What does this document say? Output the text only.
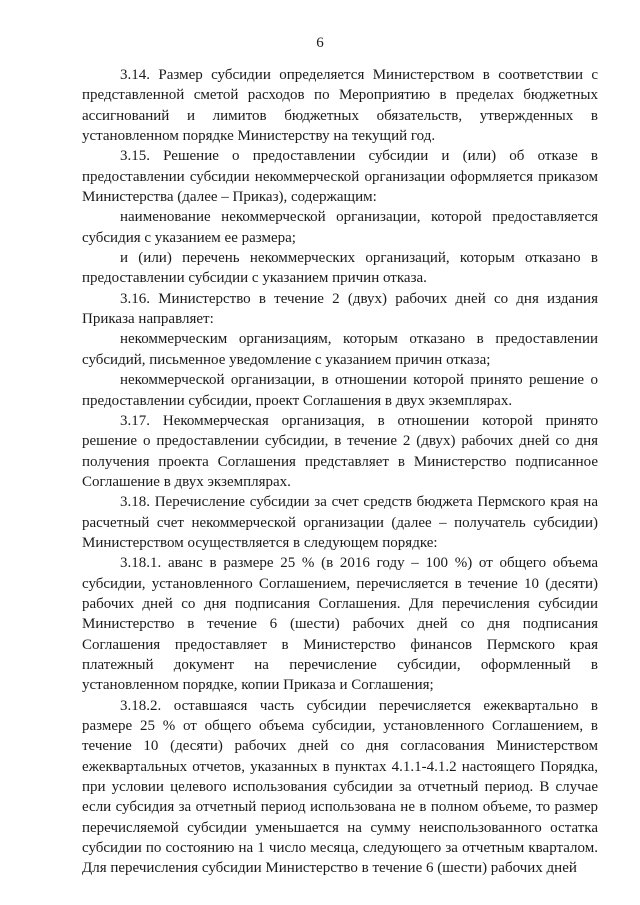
6

3.14. Размер субсидии определяется Министерством в соответствии с представленной сметой расходов по Мероприятию в пределах бюджетных ассигнований и лимитов бюджетных обязательств, утвержденных в установленном порядке Министерству на текущий год.

3.15. Решение о предоставлении субсидии и (или) об отказе в предоставлении субсидии некоммерческой организации оформляется приказом Министерства (далее – Приказ), содержащим:

наименование некоммерческой организации, которой предоставляется субсидия с указанием ее размера;

и (или) перечень некоммерческих организаций, которым отказано в предоставлении субсидии с указанием причин отказа.

3.16. Министерство в течение 2 (двух) рабочих дней со дня издания Приказа направляет:

некоммерческим организациям, которым отказано в предоставлении субсидий, письменное уведомление с указанием причин отказа;

некоммерческой организации, в отношении которой принято решение о предоставлении субсидии, проект Соглашения в двух экземплярах.

3.17. Некоммерческая организация, в отношении которой принято решение о предоставлении субсидии, в течение 2 (двух) рабочих дней со дня получения проекта Соглашения представляет в Министерство подписанное Соглашение в двух экземплярах.

3.18. Перечисление субсидии за счет средств бюджета Пермского края на расчетный счет некоммерческой организации (далее – получатель субсидии) Министерством осуществляется в следующем порядке:

3.18.1. аванс в размере 25 % (в 2016 году – 100 %) от общего объема субсидии, установленного Соглашением, перечисляется в течение 10 (десяти) рабочих дней со дня подписания Соглашения. Для перечисления субсидии Министерство в течение 6 (шести) рабочих дней со дня подписания Соглашения предоставляет в Министерство финансов Пермского края платежный документ на перечисление субсидии, оформленный в установленном порядке, копии Приказа и Соглашения;

3.18.2. оставшаяся часть субсидии перечисляется ежеквартально в размере 25 % от общего объема субсидии, установленного Соглашением, в течение 10 (десяти) рабочих дней со дня согласования Министерством ежеквартальных отчетов, указанных в пунктах 4.1.1-4.1.2 настоящего Порядка, при условии целевого использования субсидии за отчетный период. В случае если субсидия за отчетный период использована не в полном объеме, то размер перечисляемой субсидии уменьшается на сумму неиспользованного остатка субсидии по состоянию на 1 число месяца, следующего за отчетным кварталом. Для перечисления субсидии Министерство в течение 6 (шести) рабочих дней
